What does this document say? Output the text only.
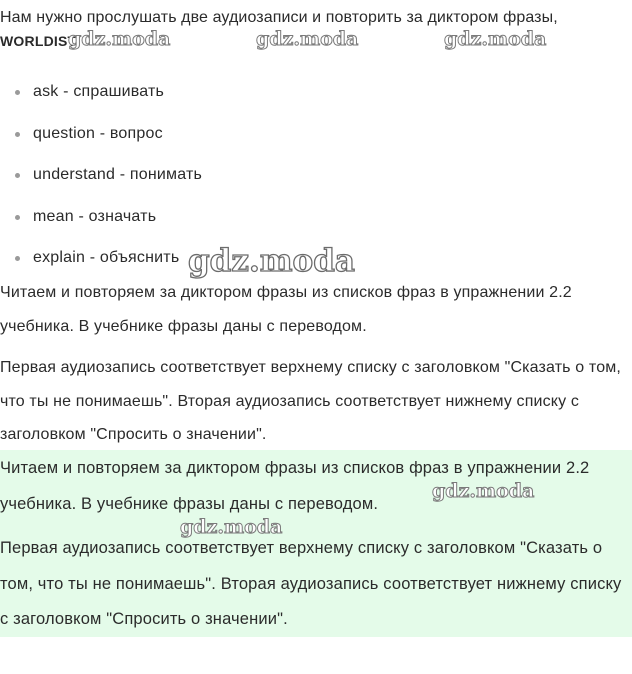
Нам нужно прослушать две аудиозаписи и повторить за диктором фразы,
WORLDIST
gdz.moda	gdz.moda	gdz.moda
ask - спрашивать
question - вопрос
understand - понимать
mean - означать
explain - объяснить gdz.moda

Читаем и повторяем за диктором фразы из списков фраз в упражнении 2.2 учебника. В учебнике фразы даны с переводом.

Первая аудиозапись соответствует верхнему списку с заголовком "Сказать о том, что ты не понимаешь". Вторая аудиозапись соответствует нижнему списку с заголовком "Спросить о значении".

Читаем и повторяем за диктором фразы из списков фраз в упражнении 2.2 учебника. В учебнике фразы даны с переводом.

Первая аудиозапись соответствует верхнему списку с заголовком "Сказать о том, что ты не понимаешь". Вторая аудиозапись соответствует нижнему списку с заголовком "Спросить о значении".

gdz.moda
gdz.moda
